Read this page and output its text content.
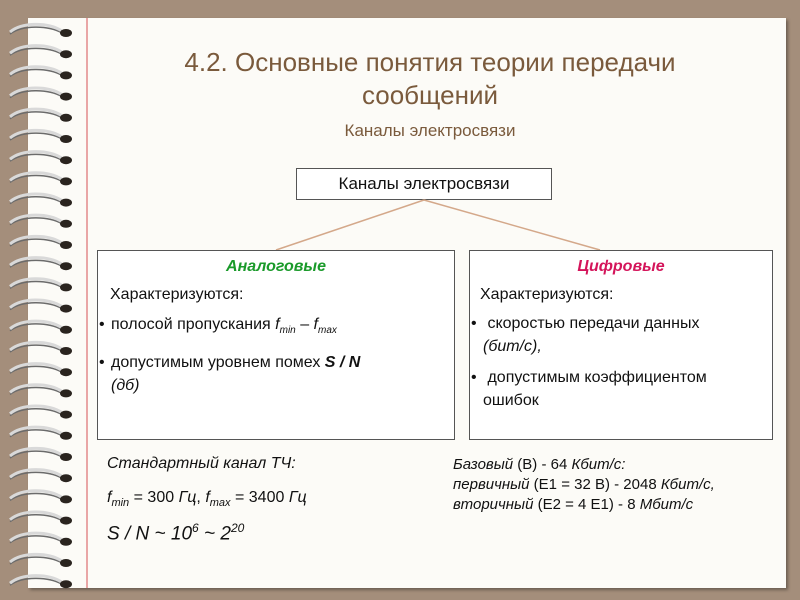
4.2. Основные понятия теории передачи
сообщений
Каналы электросвязи
Каналы электросвязи
Аналоговые
Характеризуются:
• полосой пропускания $f_{min} - f_{max}$
• допустимым уровнем помех S / N
(дб)
Цифровые
Характеризуются:
• скоростью передачи данных
(бит/с),
• допустимым коэффициентом
ошибок
Стандартный канал ТЧ:
$f_{min} = 300$ Гц, $f_{max} = 3400$ Гц
S / N ~ $10^6$ ~ $2^{20}$
Базовый (В) - 64 Кбит/с:
первичный (Е1 = 32 В) - 2048 Кбит/с,
вторичный (Е2 = 4 Е1) - 8 Мбит/с
